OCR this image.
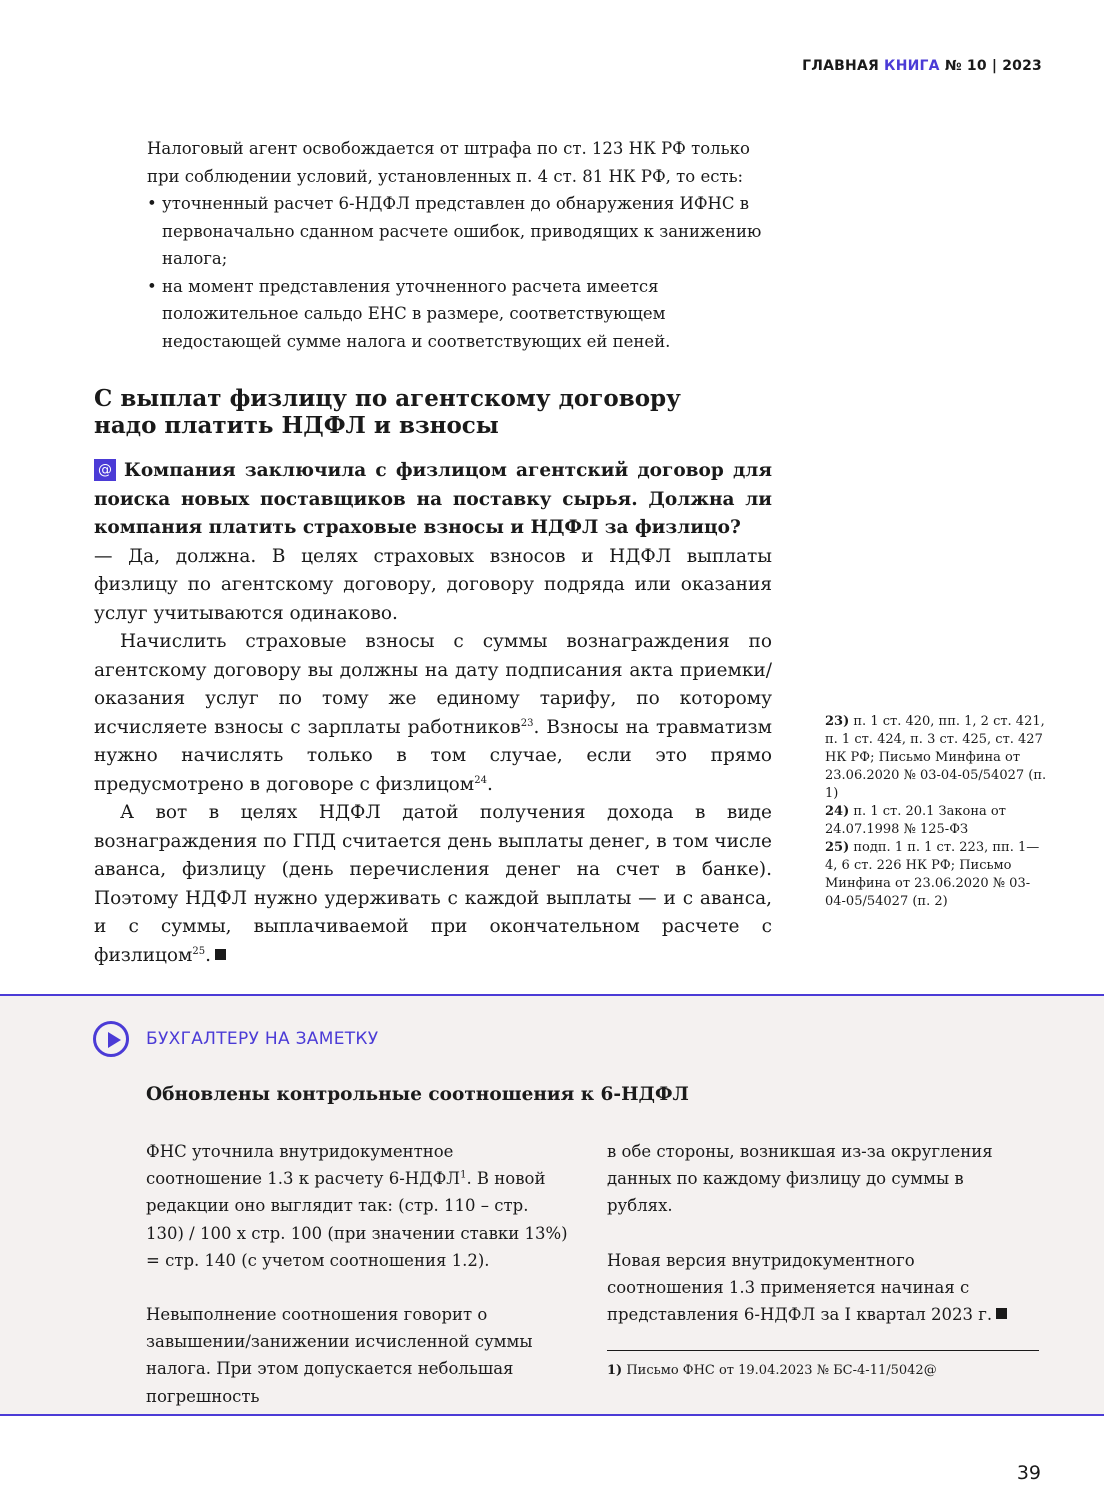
ГЛАВНАЯ КНИГА № 10 | 2023

Налоговый агент освобождается от штрафа по ст. 123 НК РФ только при соблюдении условий, установленных п. 4 ст. 81 НК РФ, то есть:

• уточненный расчет 6-НДФЛ представлен до обнаружения ИФНС в первоначально сданном расчете ошибок, приводящих к занижению налога;
• на момент представления уточненного расчета имеется положительное сальдо ЕНС в размере, соответствующем недостающей сумме налога и соответствующих ей пеней.
С выплат физлицу по агентскому договору надо платить НДФЛ и взносы

@ Компания заключила с физлицом агентский договор для поиска новых поставщиков на поставку сырья. Должна ли компания платить страховые взносы и НДФЛ за физлицо?

— Да, должна. В целях страховых взносов и НДФЛ выплаты физлицу по агентскому договору, договору подряда или оказания услуг учитываются одинаково.

Начислить страховые взносы с суммы вознаграждения по агентскому договору вы должны на дату подписания акта приемки/оказания услуг по тому же единому тарифу, по которому исчисляете взносы с зарплаты работников$^{23}$. Взносы на травматизм нужно начислять только в том случае, если это прямо предусмотрено в договоре с физлицом$^{24}$.

А вот в целях НДФЛ датой получения дохода в виде вознаграждения по ГПД считается день выплаты денег, в том числе аванса, физлицу (день перечисления денег на счет в банке). Поэтому НДФЛ нужно удерживать с каждой выплаты — и с аванса, и с суммы, выплачиваемой при окончательном расчете с физлицом$^{25}$.

23) п. 1 ст. 420, пп. 1, 2 ст. 421, п. 1 ст. 424, п. 3 ст. 425, ст. 427 НК РФ; Письмо Минфина от 23.06.2020 № 03-04-05/54027 (п. 1)

24) п. 1 ст. 20.1 Закона от 24.07.1998 № 125-ФЗ

25) подп. 1 п. 1 ст. 223, пп. 1—4, 6 ст. 226 НК РФ; Письмо Минфина от 23.06.2020 № 03-04-05/54027 (п. 2)

БУХГАЛТЕРУ НА ЗАМЕТКУ
Обновлены контрольные соотношения к 6-НДФЛ

ФНС уточнила внутридокументное соотношение 1.3 к расчету 6-НДФЛ$^1$. В новой редакции оно выглядит так: (стр. 110 – стр. 130) / 100 х стр. 100 (при значении ставки 13%) = стр. 140 (с учетом соотношения 1.2).

Невыполнение соотношения говорит о завышении/занижении исчисленной суммы налога. При этом допускается небольшая погрешность

в обе стороны, возникшая из-за округления данных по каждому физлицу до суммы в рублях.

Новая версия внутридокументного соотношения 1.3 применяется начиная с представления 6-НДФЛ за I квартал 2023 г.

1) Письмо ФНС от 19.04.2023 № БС-4-11/5042@
39
